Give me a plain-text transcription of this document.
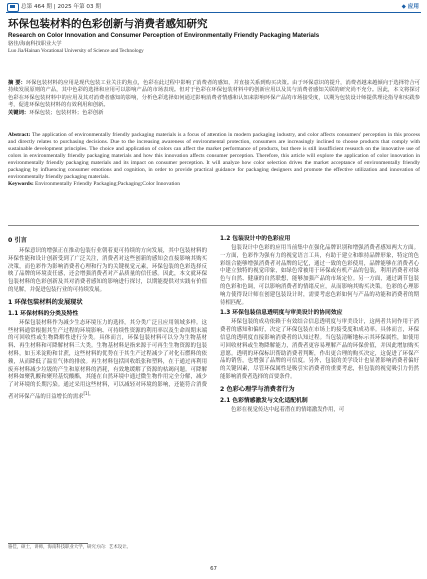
总第 464 期 | 2025 年第 03 期	◆ 应用
环保包装材料的色彩创新与消费者感知研究

Research on Color Innovation and Consumer Perception of Environmentally Friendly Packaging Materials

骆佳/海南科技职业大学

Luo Jia/Hainan Vocational University of Science and Technology

摘 要：环保包装材料的应用是现代包装工业关注的焦点，色彩在此过程中影响了消费者的感知，并直接关系到购买决策。由于环保意识的提升，消费者越来越倾向于选择符合可持续发展原则的产品，其中色彩的选择和应用可以影响产品的市场表现。但对于色彩在环保包装材料中的创新应用以及其与消费者感知关联的研究尚不充分。因此，本文将探讨色彩在环保包装材料中的应用及其对消费者感知的影响，分析色彩选择如何通过影响消费者情感和认知来影响环保产品的市场接受度，以期为包装设计师提供理论指导和实践参考，促进环保包装材料的有效利用和创新。
关键词：环保包装；包装材料；色彩创新
Abstract: The application of environmentally friendly packaging materials is a focus of attention in modern packaging industry, and color affects consumers' perception in this process and directly relates to purchasing decisions. Due to the increasing awareness of environmental protection, consumers are increasingly inclined to choose products that comply with sustainable development principles. The choice and application of colors can affect the market performance of products, but there is still insufficient research on the innovative use of colors in environmentally friendly packaging materials and how this innovation affects consumer perception. Therefore, this article will explore the application of color innovation in environmentally friendly packaging materials and its impact on consumer perception. It will analyze how color selection drives the market acceptance of environmentally friendly packaging by influencing consumer emotions and cognition, in order to provide practical guidance for packaging designers and promote the effective utilization and innovation of environmentally friendly packaging materials.
Keywords: Environmentally Friendly Packaging;Packaging;Color Innovation
0 引言

环保意识的增强正在推动包装行业朝着更可持续的方向发展，其中包装材料的环保性能和设计创新受到了广泛关注，消费者对这些创新的感知会直接影响其购买决策，而色彩作为影响消费者心理和行为的关键视觉元素，环保包装的色彩选择反映了品牌的环境责任感，还会增强消费者对产品质量的信任感。因此，本文就环保包装材料的色彩创新及其对消费者感知的影响进行探讨，以期能提供对实践有价值的见解，并促进包装行业的可持续发展。

1 环保包装材料的发展现状
1.1 环保材料的分类及特性

环保包装材料作为减少生态环境压力的选择，其分类广泛且应用领域多样。这些材料通常根据其生产过程的环境影响、可持续性资源的利用率以及生命周期末端的可回收性或生物降解性进行分类。具体而言，环保包装材料可以分为生物基材料、再生材料和可降解材料三大类。生物基材料是指来源于可再生生物资源的包装材料，如玉米淀粉和甘蔗，这些材料的优势在于其生产过程减少了对化石燃料的依赖，从而降低了温室气体的排放。再生材料包括回收纸张和塑料，在于通过再利用废弃材料减少垃圾的产生和原材料的消耗，有效地缓解了资源的枯竭问题。可降解材料如聚乳酸和聚羟基烷酸酯，其能在自然环境中通过微生物作用完全分解，减少了对环境的长期污染。通过采用这些材料，可以减轻对环境的影响，还能符合消费者对环保产品的日益增长的需求$^{[1]。}$

1.2 包装设计中的色彩应用

包装设计中色彩的应用当前集中在强化品牌识别和增强消费者感知两大方面。一方面，色彩作为强有力的视觉语言工具，有助于建立和维持品牌形象，特定的色彩组合能够增强消费者对品牌的记忆，通过一致的色彩使用，品牌能够在消费者心中建立独特的视觉印象，如绿色常被用于环保或有机产品的包装，利用消费者对绿色与自然、健康的自然联想，能够加强产品的市场定位。另一方面，通过调节包装的色彩和色调，可以影响消费者的情绪反应，从而影响其购买决策。色彩的心理影响力使得设计师在创建包装设计时，需要考虑色彩如何与产品的功能和消费者的期待相匹配。

1.3 环保包装信息透明度与审美设计的协同效应

环保包装的成功依赖于有效结合信息透明度与审美设计，这两者共同作用于消费者的感知和偏好，决定了环保包装在市场上的接受度和成功率。具体而言，环保信息的透明度直接影响消费者的认知过程。当包装清晰地标示其环保属性，如使用可回收材料或生物降解能力，消费者更容易理解产品的环保价值，并因此增加购买意愿。透明的环保标识帮助消费者判断，作出更合理的购买决定，这促进了环保产品的销售，也增强了品牌的可信度。另外，包装的美学设计也显著影响消费者偏好的关键因素，尽管环保属性是吸引实消费者的重要考虑，但包装的视觉吸引力仍然能影响消费者选择的首要条件。

2 色彩心理学与消费者行为
2.1 色彩情感激发与文化适配机制

色彩在视觉传达中起着潜在的情绪激发作用，可

骆佳，硕士，讲师，海南科技职业大学，研究方向：艺术设计。
67
